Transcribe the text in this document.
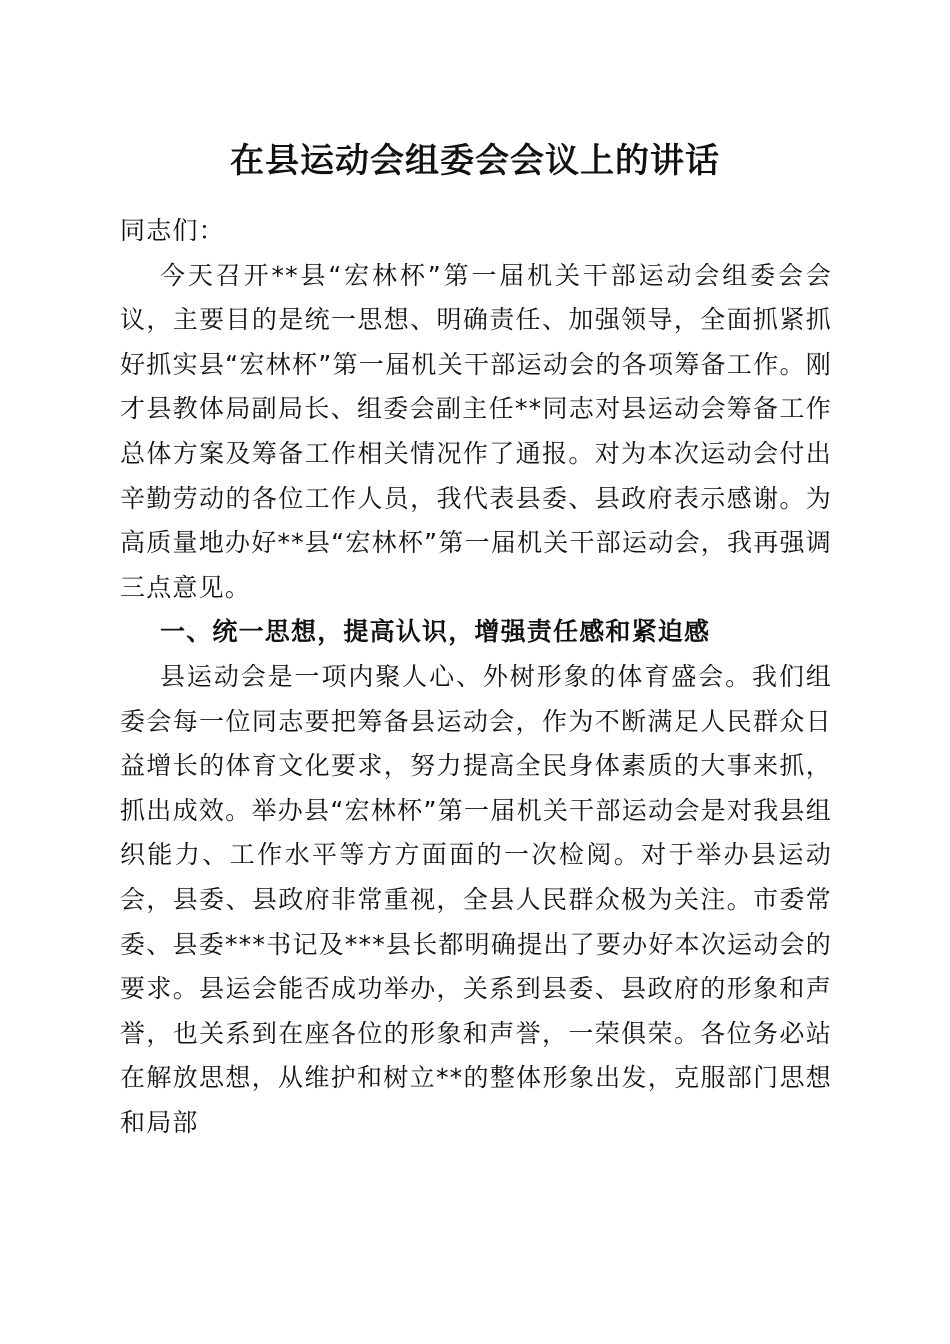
在县运动会组委会会议上的讲话

同志们：

今天召开**县“宏林杯”第一届机关干部运动会组委会会议，主要目的是统一思想、明确责任、加强领导，全面抓紧抓好抓实县“宏林杯”第一届机关干部运动会的各项筹备工作。刚才县教体局副局长、组委会副主任**同志对县运动会筹备工作总体方案及筹备工作相关情况作了通报。对为本次运动会付出辛勤劳动的各位工作人员，我代表县委、县政府表示感谢。为高质量地办好**县“宏林杯”第一届机关干部运动会，我再强调三点意见。

一、统一思想，提高认识，增强责任感和紧迫感

县运动会是一项内聚人心、外树形象的体育盛会。我们组委会每一位同志要把筹备县运动会，作为不断满足人民群众日益增长的体育文化要求，努力提高全民身体素质的大事来抓，抓出成效。举办县“宏林杯”第一届机关干部运动会是对我县组织能力、工作水平等方方面面的一次检阅。对于举办县运动会，县委、县政府非常重视，全县人民群众极为关注。市委常委、县委***书记及***县长都明确提出了要办好本次运动会的要求。县运会能否成功举办，关系到县委、县政府的形象和声誉，也关系到在座各位的形象和声誉，一荣俱荣。各位务必站在解放思想，从维护和树立**的整体形象出发，克服部门思想和局部
